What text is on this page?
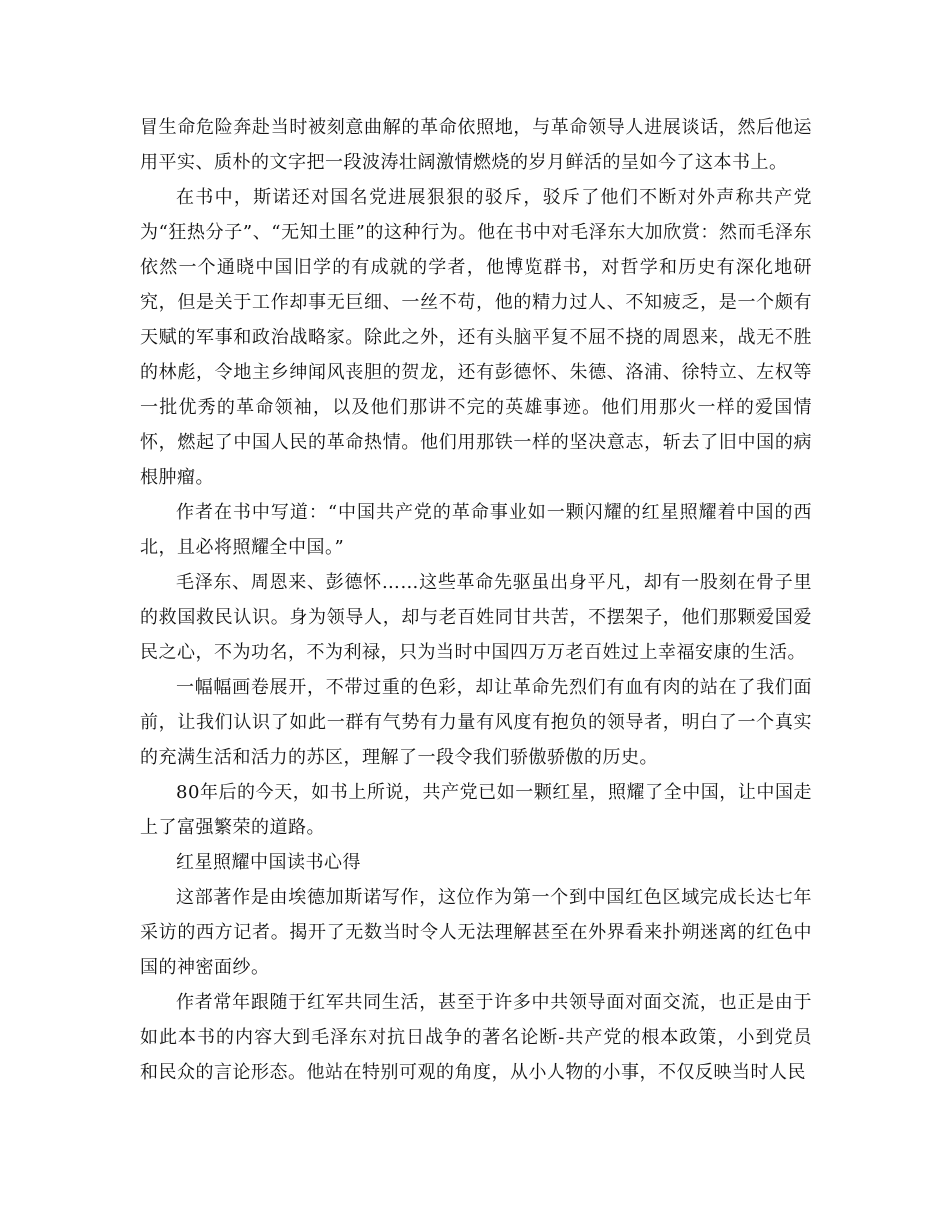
冒生命危险奔赴当时被刻意曲解的革命依照地，与革命领导人进展谈话，然后他运用平实、质朴的文字把一段波涛壮阔激情燃烧的岁月鲜活的呈如今了这本书上。

在书中，斯诺还对国名党进展狠狠的驳斥，驳斥了他们不断对外声称共产党为“狂热分子”、“无知土匪”的这种行为。他在书中对毛泽东大加欣赏：然而毛泽东依然一个通晓中国旧学的有成就的学者，他博览群书，对哲学和历史有深化地研究，但是关于工作却事无巨细、一丝不苟，他的精力过人、不知疲乏，是一个颇有天赋的军事和政治战略家。除此之外，还有头脑平复不屈不挠的周恩来，战无不胜的林彪，令地主乡绅闻风丧胆的贺龙，还有彭德怀、朱德、洛浦、徐特立、左权等一批优秀的革命领袖，以及他们那讲不完的英雄事迹。他们用那火一样的爱国情怀，燃起了中国人民的革命热情。他们用那铁一样的坚决意志，斩去了旧中国的病根肿瘤。

作者在书中写道：“中国共产党的革命事业如一颗闪耀的红星照耀着中国的西北，且必将照耀全中国。”

毛泽东、周恩来、彭德怀……这些革命先驱虽出身平凡，却有一股刻在骨子里的救国救民认识。身为领导人，却与老百姓同甘共苦，不摆架子，他们那颗爱国爱民之心，不为功名，不为利禄，只为当时中国四万万老百姓过上幸福安康的生活。

一幅幅画卷展开，不带过重的色彩，却让革命先烈们有血有肉的站在了我们面前，让我们认识了如此一群有气势有力量有风度有抱负的领导者，明白了一个真实的充满生活和活力的苏区，理解了一段令我们骄傲骄傲的历史。

80年后的今天，如书上所说，共产党已如一颗红星，照耀了全中国，让中国走上了富强繁荣的道路。

红星照耀中国读书心得

这部著作是由埃德加斯诺写作，这位作为第一个到中国红色区域完成长达七年采访的西方记者。揭开了无数当时令人无法理解甚至在外界看来扑朔迷离的红色中国的神密面纱。

作者常年跟随于红军共同生活，甚至于许多中共领导面对面交流，也正是由于如此本书的内容大到毛泽东对抗日战争的著名论断-共产党的根本政策，小到党员和民众的言论形态。他站在特别可观的角度，从小人物的小事，不仅反映当时人民
